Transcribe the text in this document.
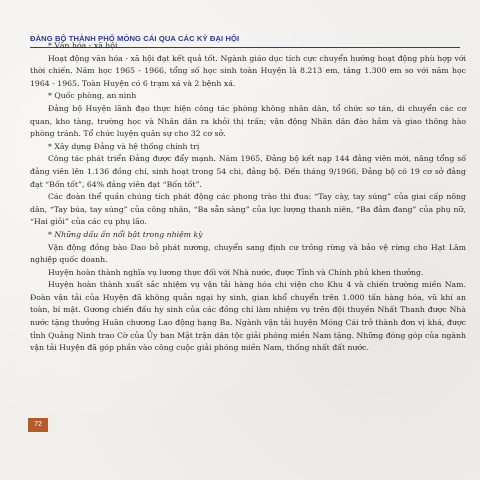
ĐẢNG BỘ THÀNH PHỐ MÓNG CÁI QUA CÁC KỲ ĐẠI HỘI

* Văn hóa - xã hội

Hoạt động văn hóa - xã hội đạt kết quả tốt. Ngành giáo dục tích cực chuyển hướng hoạt động phù hợp với thời chiến. Năm học 1965 - 1966, tổng số học sinh toàn Huyện là 8.213 em, tăng 1.300 em so với năm học 1964 - 1965. Toàn Huyện có 6 trạm xá và 2 bệnh xá.

* Quốc phòng, an ninh

Đảng bộ Huyện lãnh đạo thực hiện công tác phòng không nhân dân, tổ chức sơ tán, di chuyển các cơ quan, kho tàng, trường học và Nhân dân ra khỏi thị trấn; vận động Nhân dân đào hầm và giao thông hào phòng tránh. Tổ chức luyện quân sự cho 32 cơ sở.

* Xây dựng Đảng và hệ thống chính trị

Công tác phát triển Đảng được đẩy mạnh. Năm 1965, Đảng bộ kết nạp 144 đảng viên mới, nâng tổng số đảng viên lên 1.136 đồng chí, sinh hoạt trong 54 chi, đảng bộ. Đến tháng 9/1966, Đảng bộ có 19 cơ sở đảng đạt “Bốn tốt”, 64% đảng viên đạt “Bốn tốt”.

Các đoàn thể quần chúng tích phát động các phong trào thi đua: “Tay cày, tay súng” của giai cấp nông dân, “Tay búa, tay súng” của công nhân, “Ba sẵn sàng” của lực lượng thanh niên, “Ba đảm đang” của phụ nữ, “Hai giỏi” của các cụ phụ lão.

* Những dấu ấn nổi bật trong nhiệm kỳ

Vận động đồng bào Dao bỏ phát nương, chuyển sang định cư trồng rừng và bảo vệ rừng cho Hạt Lâm nghiệp quốc doanh.

Huyện hoàn thành nghĩa vụ lương thực đối với Nhà nước, được Tỉnh và Chính phủ khen thưởng.

Huyện hoàn thành xuất sắc nhiệm vụ vận tải hàng hóa chi viện cho Khu 4 và chiến trường miền Nam. Đoàn vận tải của Huyện đã không quản ngại hy sinh, gian khổ chuyển trên 1.000 tấn hàng hóa, vũ khí an toàn, bí mật. Gương chiến đấu hy sinh của các đồng chí làm nhiệm vụ trên đội thuyền Nhất Thanh được Nhà nước tặng thưởng Huân chương Lao động hạng Ba. Ngành vận tải huyện Móng Cái trở thành đơn vị khá, được tỉnh Quảng Ninh trao Cờ của Ủy ban Mặt trận dân tộc giải phóng miền Nam tặng. Những đóng góp của ngành vận tải Huyện đã góp phần vào công cuộc giải phóng miền Nam, thống nhất đất nước.

72
